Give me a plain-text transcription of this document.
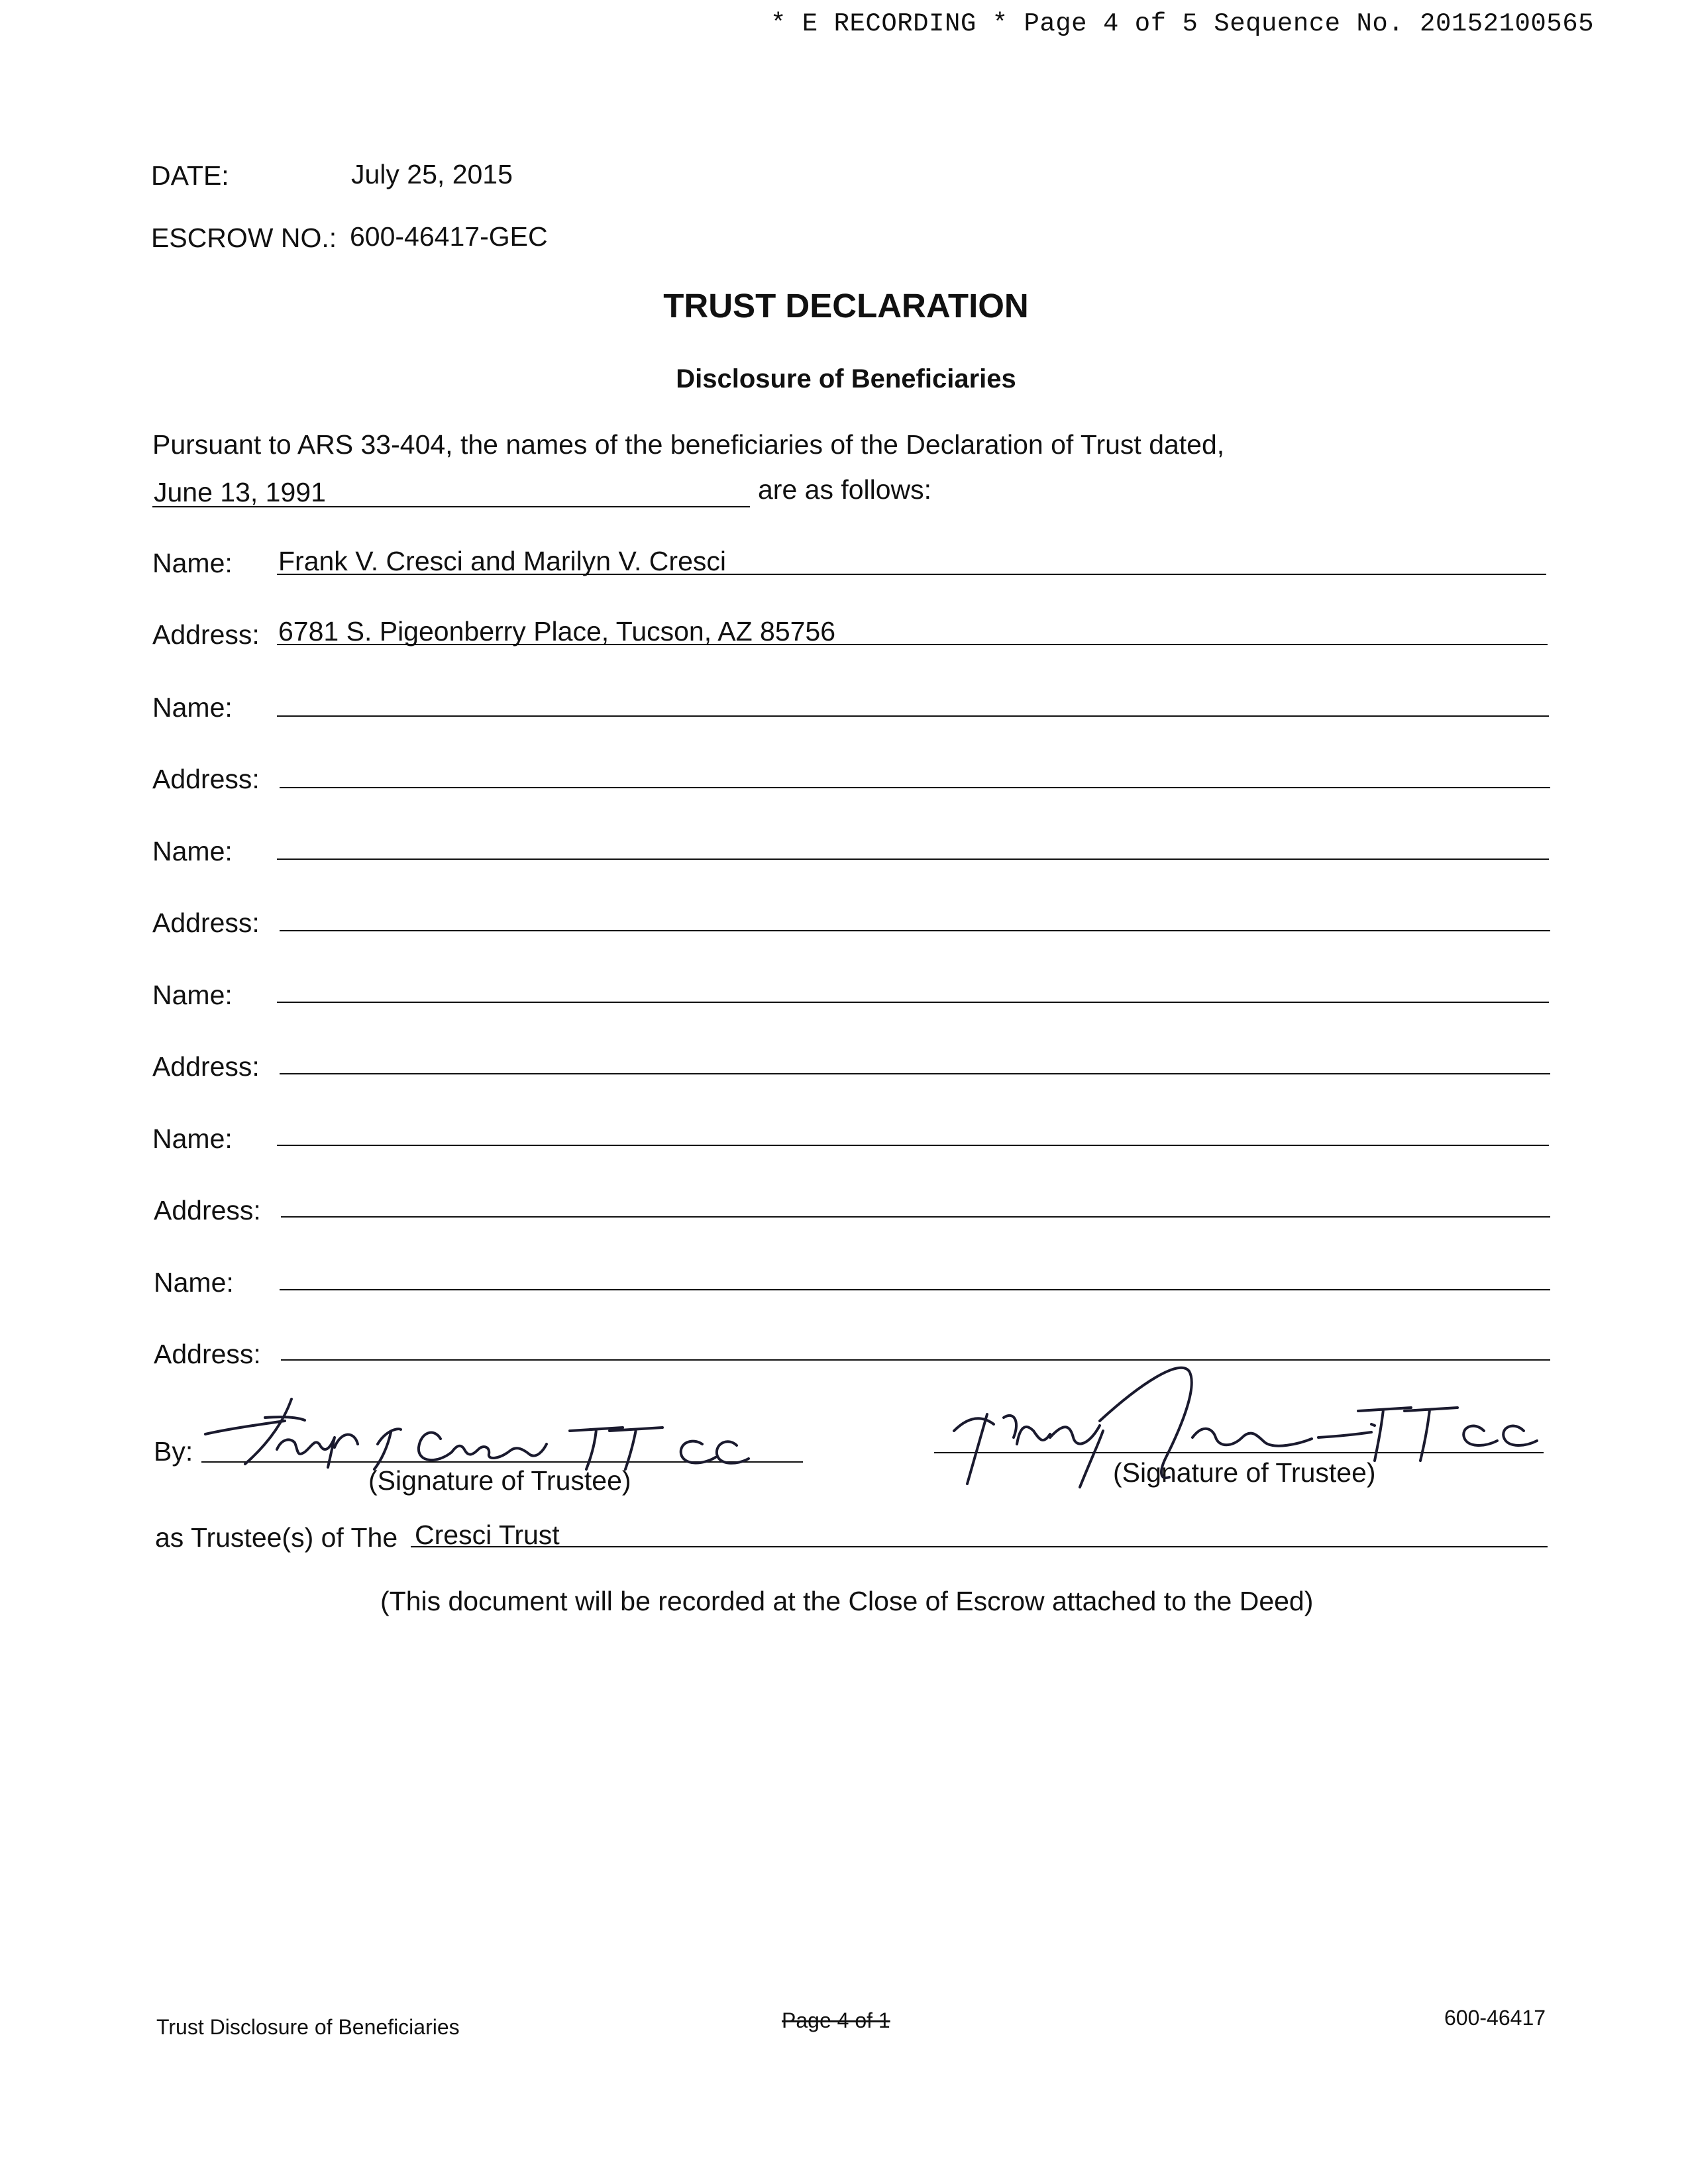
* E RECORDING * Page 4 of 5 Sequence No. 20152100565
DATE:	July 25, 2015
ESCROW NO.: 600-46417-GEC
TRUST DECLARATION
Disclosure of Beneficiaries
Pursuant to ARS 33-404, the names of the beneficiaries of the Declaration of Trust dated,
June 13, 1991	are as follows:
Name: Frank V. Cresci and Marilyn V. Cresci
Address: 6781 S. Pigeonberry Place, Tucson, AZ 85756
Name:
Address:
Name:
Address:
Name:
Address:
Name:
Address:
Name:
Address:
By:
(Signature of Trustee)	(Signature of Trustee)
as Trustee(s) of The Cresci Trust
(This document will be recorded at the Close of Escrow attached to the Deed)
Trust Disclosure of Beneficiaries	Page 4 of 1	600-46417
